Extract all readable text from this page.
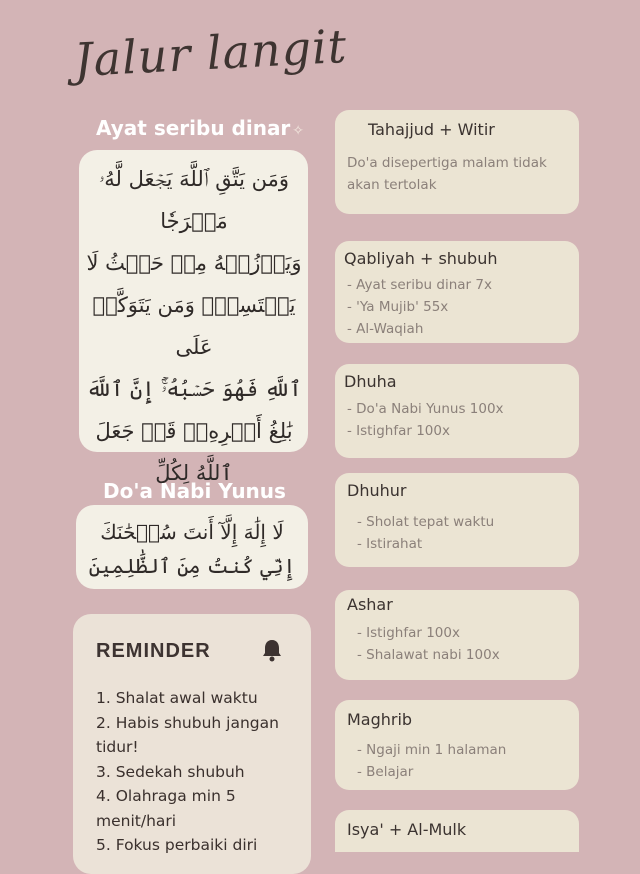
Jalur langit
Ayat seribu dinar ✧
وَمَن يَتَّقِ ٱللَّهَ يَجۡعَل لَّهُۥ
مَخۡرَجٗا
وَيَرۡزُقۡهُ مِنۡ حَيۡثُ لَا
يَحۡتَسِبُۚ وَمَن يَتَوَكَّلۡ عَلَى
ٱللَّهِ فَهُوَ حَسۡبُهُۥٓۚ إِنَّ ٱللَّهَ
بَٰلِغُ أَمۡرِهِۦۚ قَدۡ جَعَلَ ٱللَّهُ لِكُلِّ
Do'a Nabi Yunus
لَا إِلَٰهَ إِلَّآ أَنتَ سُبۡحَٰنَكَ
إِنِّي كُنتُ مِنَ ٱلظَّٰلِمِينَ
REMINDER
1. Shalat awal waktu
2. Habis shubuh jangan tidur!
3. Sedekah shubuh
4. Olahraga min 5 menit/hari
5. Fokus perbaiki diri
Tahajjud + Witir
Do'a disepertiga malam tidak akan tertolak
Qabliyah + shubuh
- Ayat seribu dinar 7x
- 'Ya Mujib' 55x
- Al-Waqiah
Dhuha
- Do'a Nabi Yunus 100x
- Istighfar 100x
Dhuhur
- Sholat tepat waktu
- Istirahat
Ashar
- Istighfar 100x
- Shalawat nabi 100x
Maghrib
- Ngaji min 1 halaman
- Belajar
Isya' + Al-Mulk
